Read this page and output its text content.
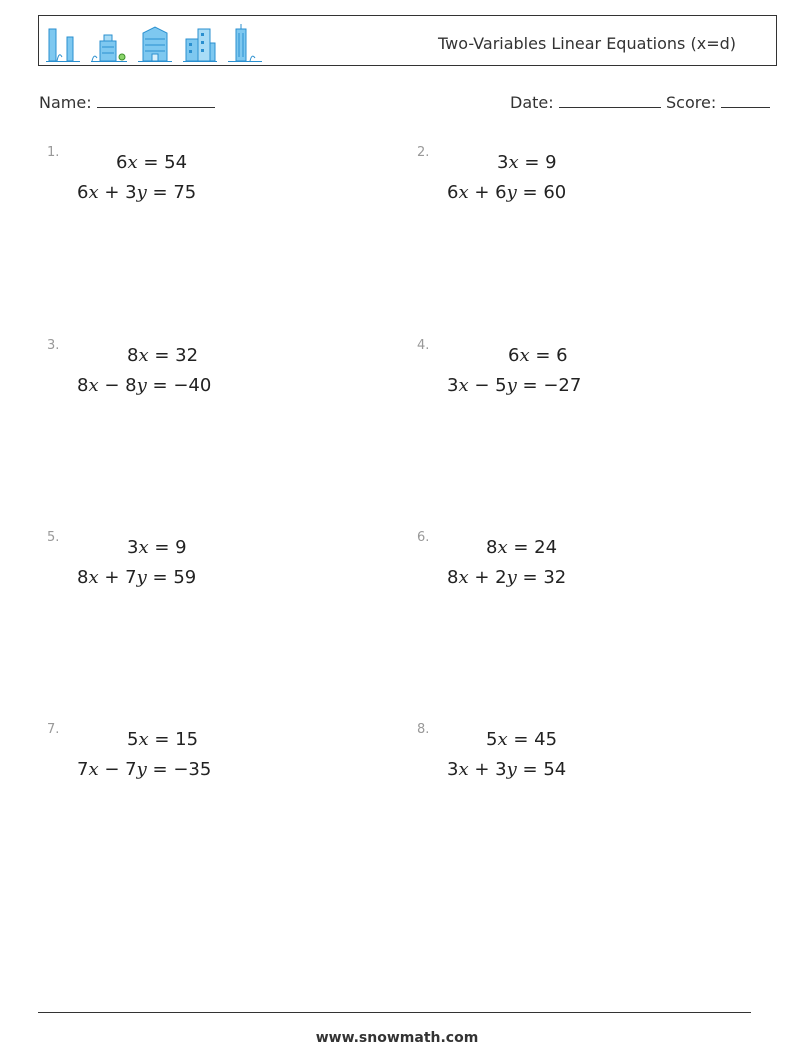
Two-Variables Linear Equations (x=d)
Name:	Date:	Score:
1.	6x = 54
6x + 3y = 75
2.	3x = 9
6x + 6y = 60
3.	8x = 32
8x − 8y = −40
4.	6x = 6
3x − 5y = −27
5.	3x = 9
8x + 7y = 59
6.	8x = 24
8x + 2y = 32
7.	5x = 15
7x − 7y = −35
8.	5x = 45
3x + 3y = 54
www.snowmath.com
